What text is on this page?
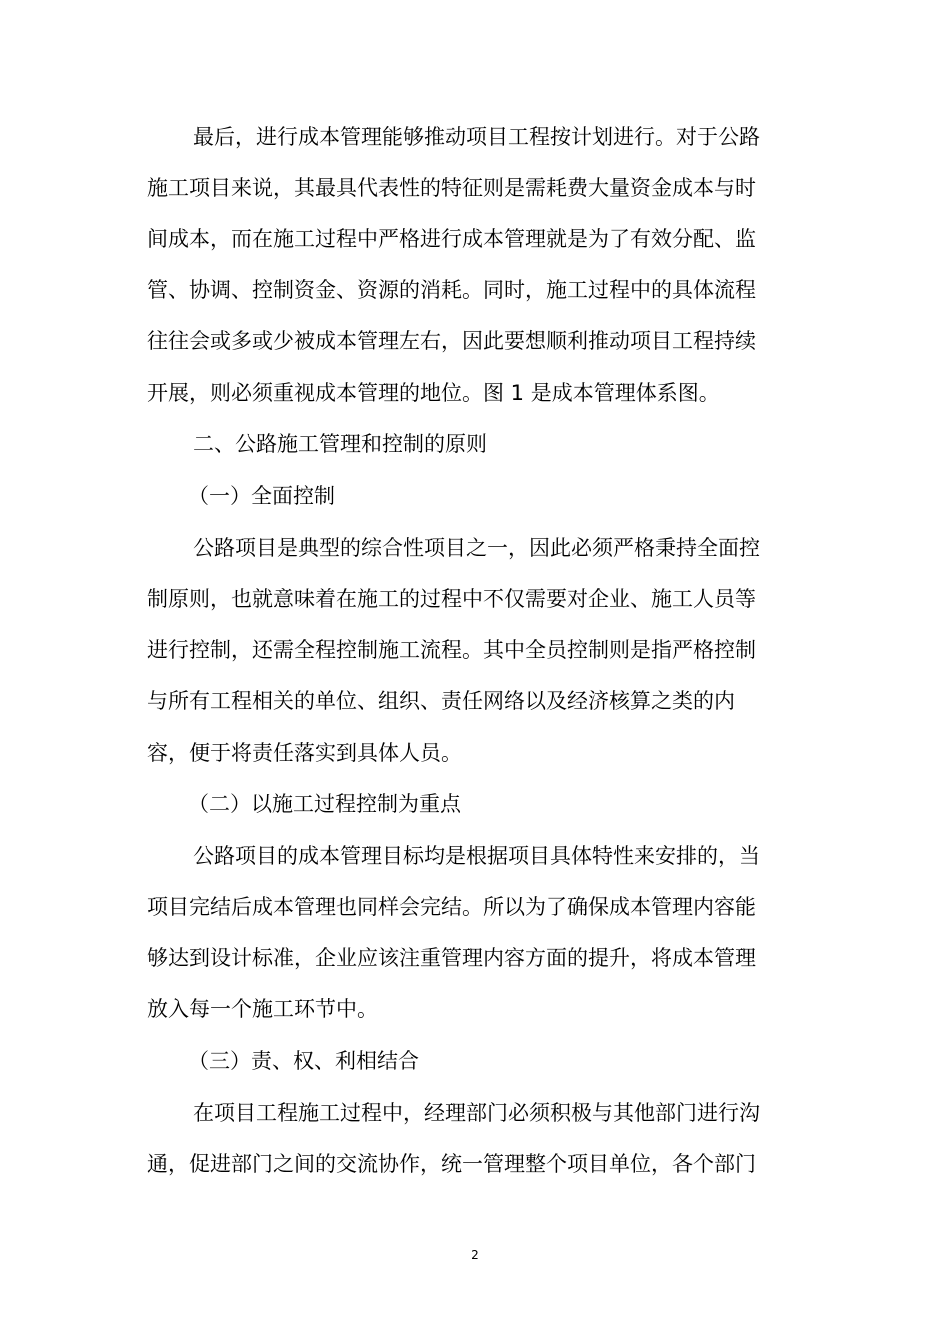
最后，进行成本管理能够推动项目工程按计划进行。对于公路
施工项目来说，其最具代表性的特征则是需耗费大量资金成本与时
间成本，而在施工过程中严格进行成本管理就是为了有效分配、监
管、协调、控制资金、资源的消耗。同时，施工过程中的具体流程
往往会或多或少被成本管理左右，因此要想顺利推动项目工程持续
开展，则必须重视成本管理的地位。图 1 是成本管理体系图。
二、公路施工管理和控制的原则
（一）全面控制
公路项目是典型的综合性项目之一，因此必须严格秉持全面控
制原则，也就意味着在施工的过程中不仅需要对企业、施工人员等
进行控制，还需全程控制施工流程。其中全员控制则是指严格控制
与所有工程相关的单位、组织、责任网络以及经济核算之类的内
容，便于将责任落实到具体人员。
（二）以施工过程控制为重点
公路项目的成本管理目标均是根据项目具体特性来安排的，当
项目完结后成本管理也同样会完结。所以为了确保成本管理内容能
够达到设计标准，企业应该注重管理内容方面的提升，将成本管理
放入每一个施工环节中。
（三）责、权、利相结合
在项目工程施工过程中，经理部门必须积极与其他部门进行沟
通，促进部门之间的交流协作，统一管理整个项目单位，各个部门
2
